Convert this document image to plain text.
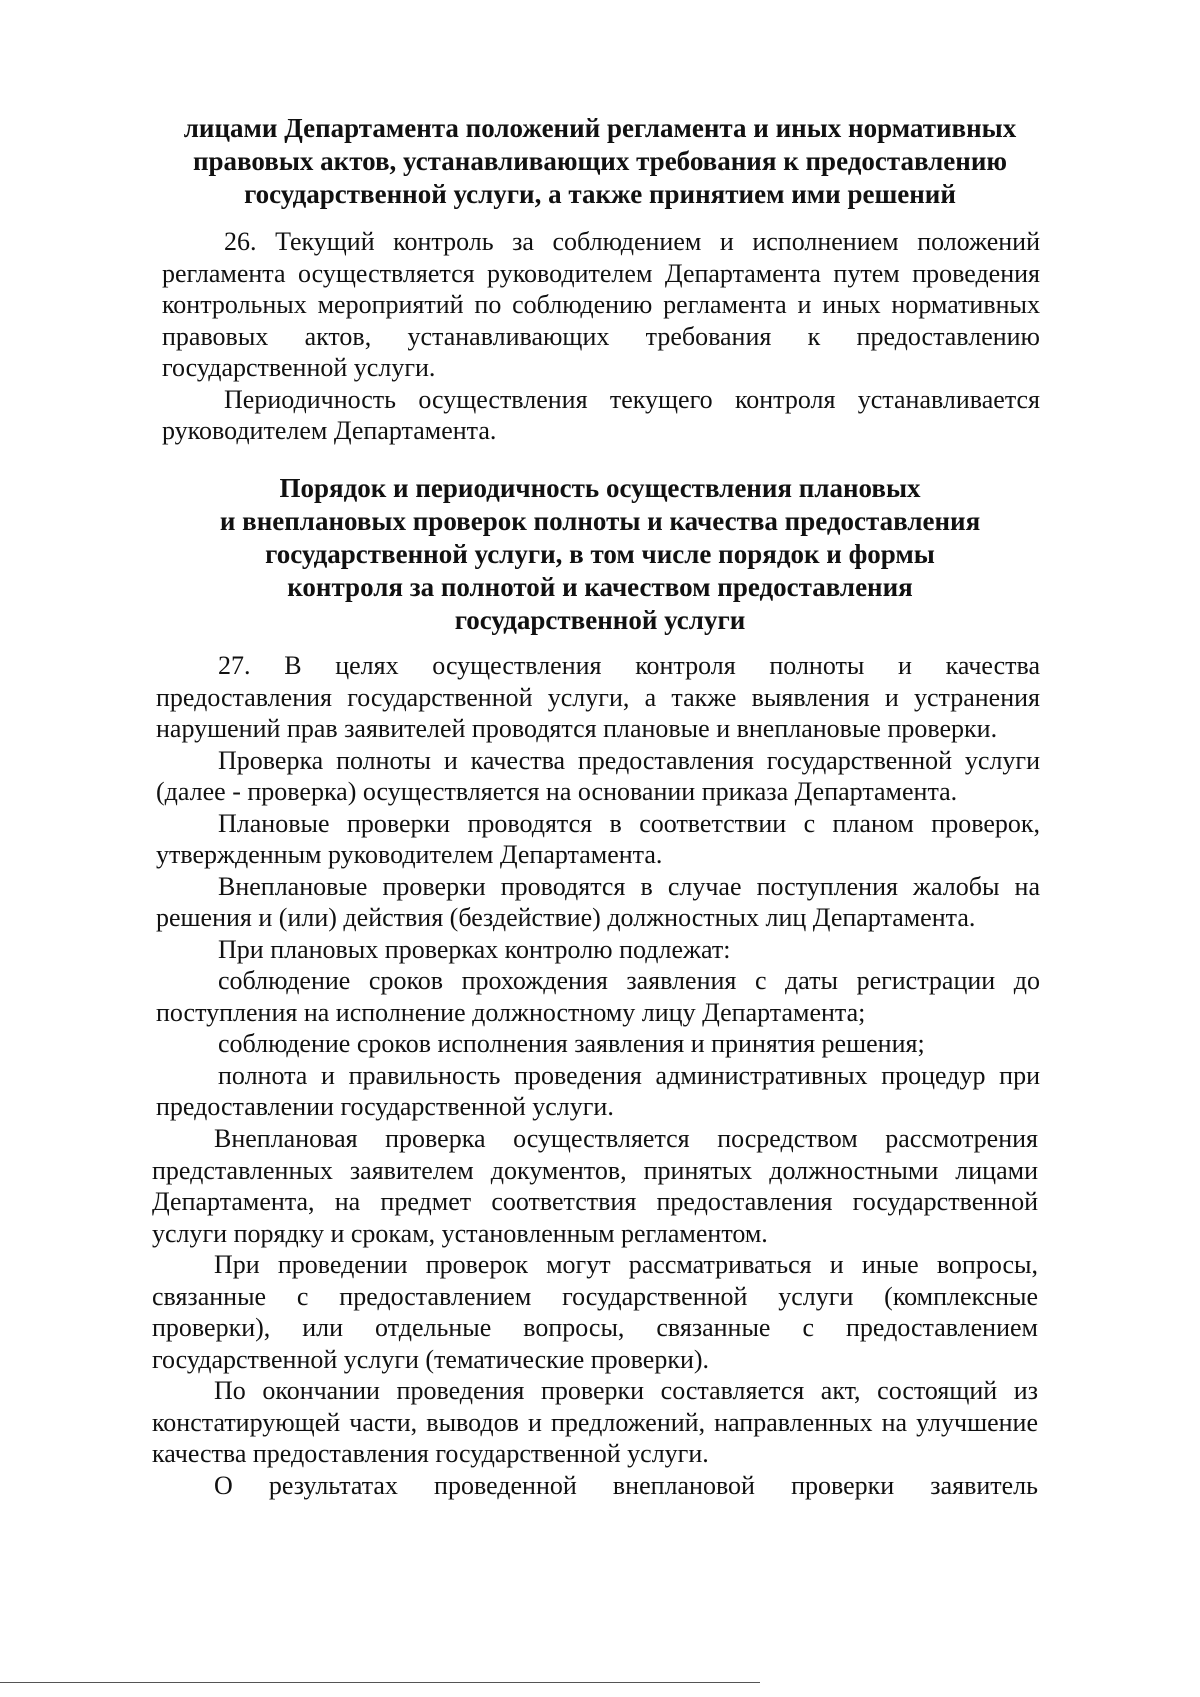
лицами Департамента положений регламента и иных нормативных
правовых актов, устанавливающих требования к предоставлению
государственной услуги, а также принятием ими решений
26. Текущий контроль за соблюдением и исполнением положений
регламента осуществляется руководителем Департамента путем проведения
контрольных мероприятий по соблюдению регламента и иных нормативных
правовых актов, устанавливающих требования к предоставлению
государственной услуги.
Периодичность осуществления текущего контроля устанавливается
руководителем Департамента.
Порядок и периодичность осуществления плановых
и внеплановых проверок полноты и качества предоставления
государственной услуги, в том числе порядок и формы
контроля за полнотой и качеством предоставления
государственной услуги
27. В целях осуществления контроля полноты и качества
предоставления государственной услуги, а также выявления и устранения
нарушений прав заявителей проводятся плановые и внеплановые проверки.
Проверка полноты и качества предоставления государственной услуги
(далее - проверка) осуществляется на основании приказа Департамента.
Плановые проверки проводятся в соответствии с планом проверок,
утвержденным руководителем Департамента.
Внеплановые проверки проводятся в случае поступления жалобы на
решения и (или) действия (бездействие) должностных лиц Департамента.
При плановых проверках контролю подлежат:
соблюдение сроков прохождения заявления с даты регистрации до
поступления на исполнение должностному лицу Департамента;
соблюдение сроков исполнения заявления и принятия решения;
полнота и правильность проведения административных процедур при
предоставлении государственной услуги.
Внеплановая проверка осуществляется посредством рассмотрения
представленных заявителем документов, принятых должностными лицами
Департамента, на предмет соответствия предоставления государственной
услуги порядку и срокам, установленным регламентом.
При проведении проверок могут рассматриваться и иные вопросы,
связанные с предоставлением государственной услуги (комплексные
проверки), или отдельные вопросы, связанные с предоставлением
государственной услуги (тематические проверки).
По окончании проведения проверки составляется акт, состоящий из
констатирующей части, выводов и предложений, направленных на улучшение
качества предоставления государственной услуги.
О результатах проведенной внеплановой проверки заявитель
